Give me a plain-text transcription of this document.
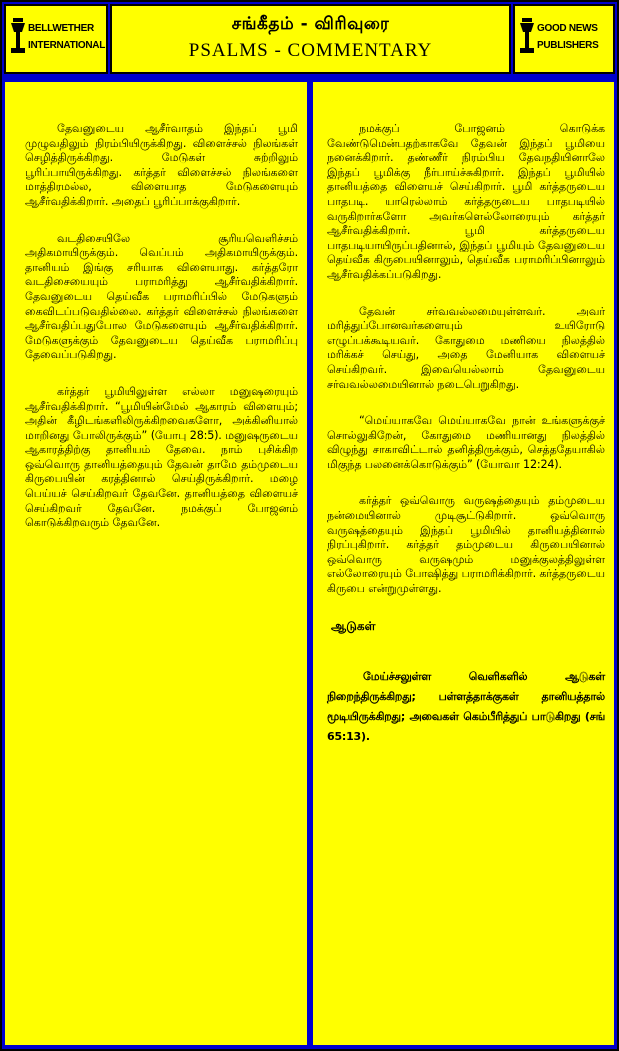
BELLWETHER
INTERNATIONAL
சங்கீதம் - விரிவுரை
PSALMS - COMMENTARY
GOOD NEWS
PUBLISHERS

தேவனுடைய ஆசீர்வாதம் இந்தப் பூமி முழுவதிலும் நிரம்பியிருக்கிறது. விளைச்சல் நிலங்கள் செழித்திருக்கிறது. மேடுகள் சுற்றிலும் பூரிப்பாயிருக்கிறது. கர்த்தர் விளைச்சல் நிலங்களை மாத்திரமல்ல, விளையாத மேடுகளையும் ஆசீர்வதிக்கிறார். அதைப் பூரிப்பாக்குகிறார்.

வடதிசையிலே சூரியவெளிச்சம் அதிகமாயிருக்கும். வெப்பம் அதிகமாயிருக்கும். தானியம் இங்கு சரியாக விளையாது. கர்த்தரோ வடதிசையையும் பராமரித்து ஆசீர்வதிக்கிறார். தேவனுடைய தெய்வீக பராமரிப்பில் மேடுகளும் கைவிடப்படுவதில்லை. கர்த்தர் விளைச்சல் நிலங்களை ஆசீர்வதிப்பதுபோல மேடுகளையும் ஆசீர்வதிக்கிறார். மேடுகளுக்கும் தேவனுடைய தெய்வீக பராமரிப்பு தேவைப்படுகிறது.

கர்த்தர் பூமியிலுள்ள எல்லா மனுஷரையும் ஆசீர்வதிக்கிறார். “பூமியின்மேல் ஆகாரம் விளையும்; அதின் கீழிடங்களிலிருக்கிறவைகளோ, அக்கினியால் மாறினது போலிருக்கும்” (யோபு 28:5). மனுஷருடைய ஆகாரத்திற்கு தானியம் தேவை. நாம் புசிக்கிற ஒவ்வொரு தானியத்தையும் தேவன் தாமே தம்முடைய கிருபையின் கரத்தினால் செய்திருக்கிறார். மழை பெய்யச் செய்கிறவர் தேவனே. தானியத்தை விளையச் செய்கிறவர் தேவனே. நமக்குப் போஜனம் கொடுக்கிறவரும் தேவனே.

நமக்குப் போஜனம் கொடுக்க வேண்டுமென்பதற்காகவே தேவன் இந்தப் பூமியை நனைக்கிறார். தண்ணீர் நிரம்பிய தேவநதியினாலே இந்தப் பூமிக்கு நீர்பாய்ச்சுகிறார். இந்தப் பூமியில் தானியத்தை விளையச் செய்கிறார். பூமி கர்த்தருடைய பாதபடி. யாரெல்லாம் கர்த்தருடைய பாதபடியில் வருகிறார்களோ அவர்களெல்லோரையும் கர்த்தர் ஆசீர்வதிக்கிறார். பூமி கர்த்தருடைய பாதபடியாயிருப்பதினால், இந்தப் பூமியும் தேவனுடைய தெய்வீக கிருபையினாலும், தெய்வீக பராமரிப்பினாலும் ஆசீர்வதிக்கப்படுகிறது.

தேவன் சர்வவல்லமையுள்ளவர். அவர் மரித்துப்போனவர்களையும் உயிரோடு எழுப்பக்கூடியவர். கோதுமை மணியை நிலத்தில் மரிக்கச் செய்து, அதை மேனியாக விளையச் செய்கிறவர். இவையெல்லாம் தேவனுடைய சர்வவல்லமையினால் நடைபெறுகிறது.

“மெய்யாகவே மெய்யாகவே நான் உங்களுக்குச் சொல்லுகிறேன், கோதுமை மணியானது நிலத்தில் விழுந்து சாகாவிட்டால் தனித்திருக்கும், செத்ததேயாகில் மிகுந்த பலனைக்கொடுக்கும்” (யோவா 12:24).

கர்த்தர் ஒவ்வொரு வருஷத்தையும் தம்முடைய நன்மையினால் முடிசூட்டுகிறார். ஒவ்வொரு வருஷத்தையும் இந்தப் பூமியில் தானியத்தினால் நிரப்புகிறார். கர்த்தர் தம்முடைய கிருபையினால் ஒவ்வொரு வருஷமும் மனுக்குலத்திலுள்ள எல்லோரையும் போஷித்து பராமரிக்கிறார். கர்த்தருடைய கிருபை என்றுமுள்ளது.

ஆடுகள்

மேய்ச்சலுள்ள வெளிகளில் ஆடுகள் நிறைந்திருக்கிறது; பள்ளத்தாக்குகள் தானியத்தால் மூடியிருக்கிறது; அவைகள் கெம்பீரித்துப் பாடுகிறது (சங் 65:13).
